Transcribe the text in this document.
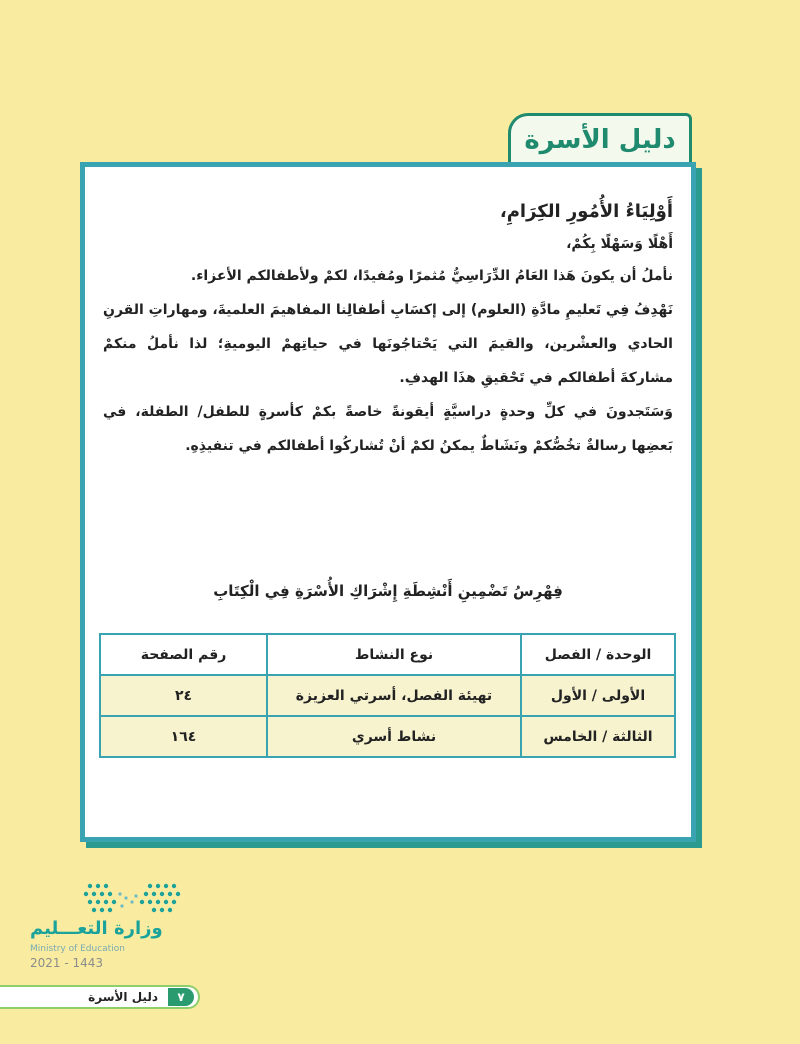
دليل الأسرة
أَوْلِيَاءُ الأُمُورِ الكِرَامِ،
أَهْلًا وَسَهْلًا بِكُمْ،

نأملُ أن يكونَ هَذا العَامُ الدِّرَاسِيُّ مُثمرًا ومُفيدًا، لكمْ ولأطفالكم الأعزاء.

نَهْدِفُ فِي تَعليمِ مادَّةِ (العلوم) إلى إكسَابِ أطفالِنا المفاهيمَ العلميةَ، ومهاراتِ القرنِ الحادي والعشْرين، والقيمَ التي يَحْتاجُونَها في حياتِهمْ اليوميةِ؛ لذا نأملُ منكمْ مشاركةَ أطفالكم في تَحْقيقِ هذَا الهدفِ.

وَسَتَجدونَ في كلِّ وحدةٍ دراسيَّةٍ أيقونةً خاصةً بكمْ كأسرةٍ للطفل/ الطفلة، في بَعضِها رسالةٌ تخُصُّكمْ ونَشَاطٌ يمكنُ لكمْ أنْ تُشاركُوا أطفالكم في تنفيذِهِ.

فِهْرِسُ تَضْمِينِ أَنْشِطَةِ إِشْرَاكِ الأُسْرَةِ فِي الْكِتَابِ
الوحدة / الفصل	نوع النشاط	رقم الصفحة
الأولى / الأول	تهيئة الفصل، أسرتي العزيزة	٢٤
الثالثة / الخامس	نشاط أسري	١٦٤
وزارة التعـــليم
Ministry of Education
2021 - 1443
دليل الأسرة	٧
